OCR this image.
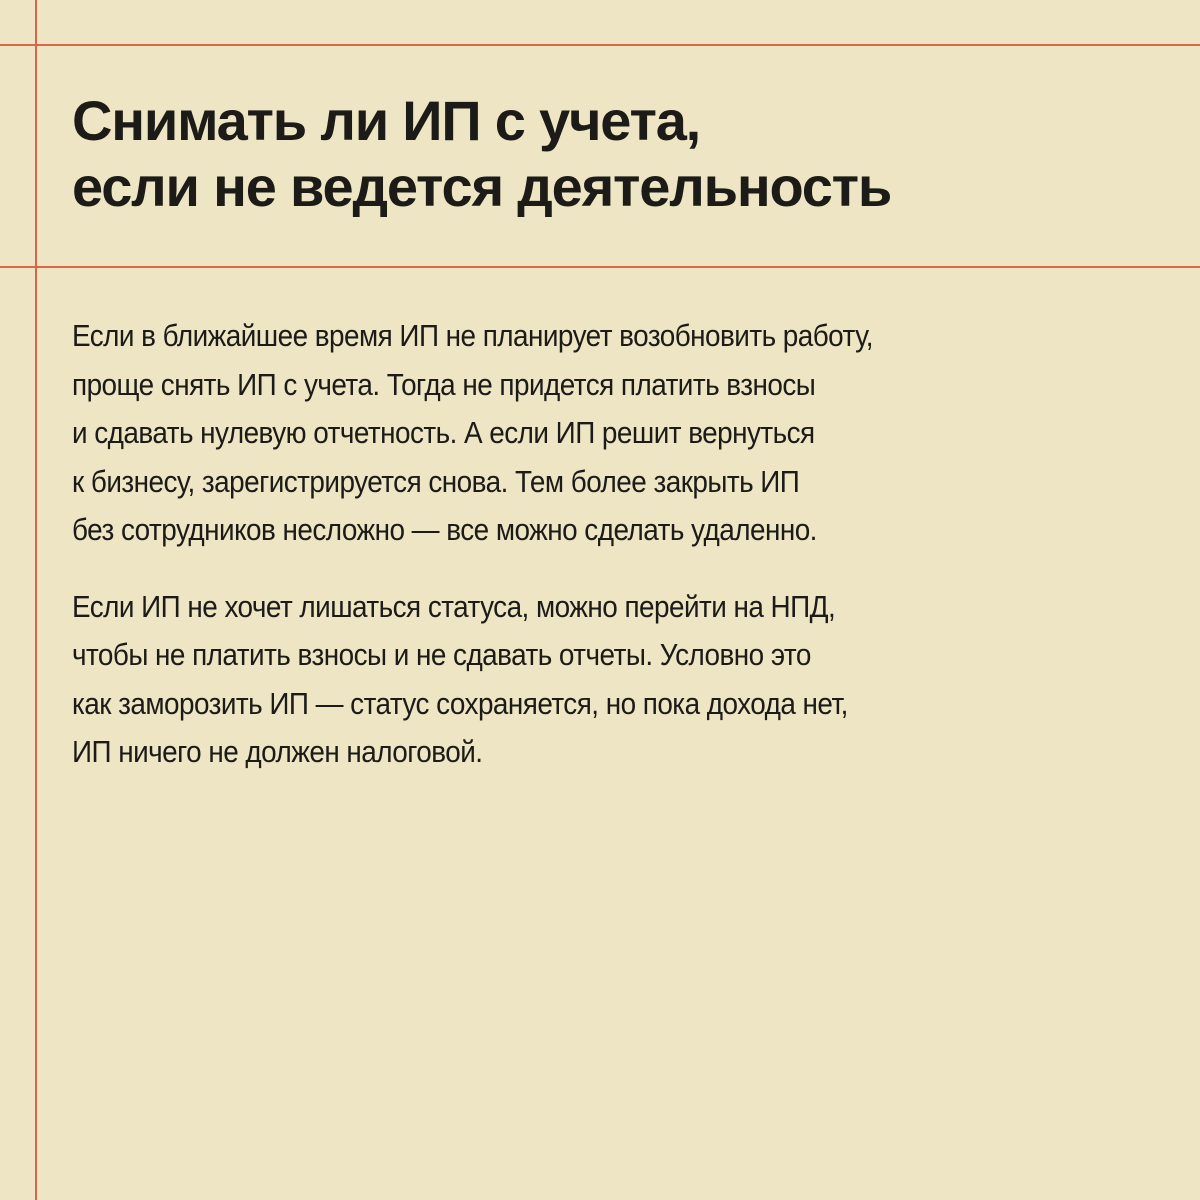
Снимать ли ИП с учета,
если не ведется деятельность

Если в ближайшее время ИП не планирует возобновить работу,
проще снять ИП с учета. Тогда не придется платить взносы
и сдавать нулевую отчетность. А если ИП решит вернуться
к бизнесу, зарегистрируется снова. Тем более закрыть ИП
без сотрудников несложно — все можно сделать удаленно.

Если ИП не хочет лишаться статуса, можно перейти на НПД,
чтобы не платить взносы и не сдавать отчеты. Условно это
как заморозить ИП — статус сохраняется, но пока дохода нет,
ИП ничего не должен налоговой.
